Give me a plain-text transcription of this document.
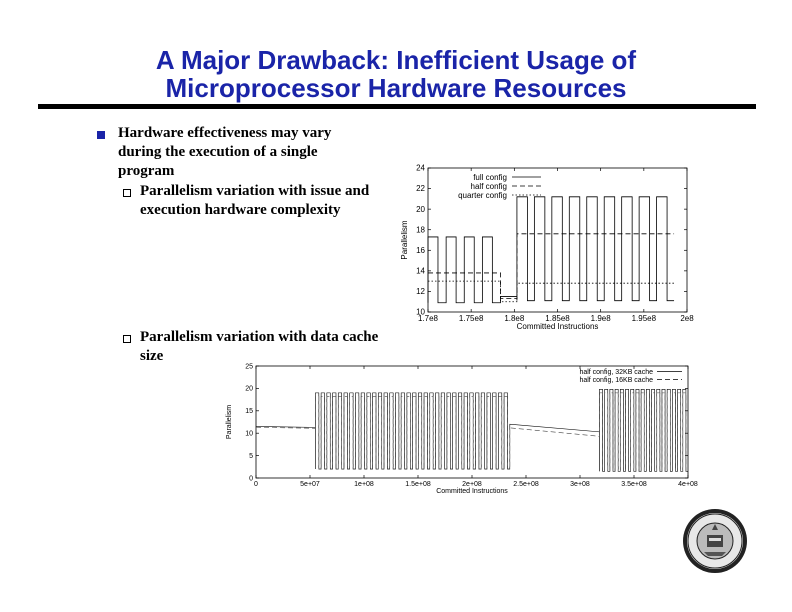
A Major Drawback: Inefficient Usage of
Microprocessor Hardware Resources
Hardware effectiveness may vary
during the execution of a single
program
Parallelism variation with issue and
execution hardware complexity
Parallelism variation with data cache
size
1.7e8	1.75e8	1.8e8	1.85e8	1.9e8	1.95e8	2e8
10
12
14
16
18
20
22
24
Committed Instructions
Parallelism
full config
half config
quarter config
0	5e+07	1e+08	1.5e+08	2e+08	2.5e+08	3e+08	3.5e+08	4e+08
0
5
10
15
20
25
Committed Instructions
Parallelism
half config, 32KB cache
half config, 16KB cache
